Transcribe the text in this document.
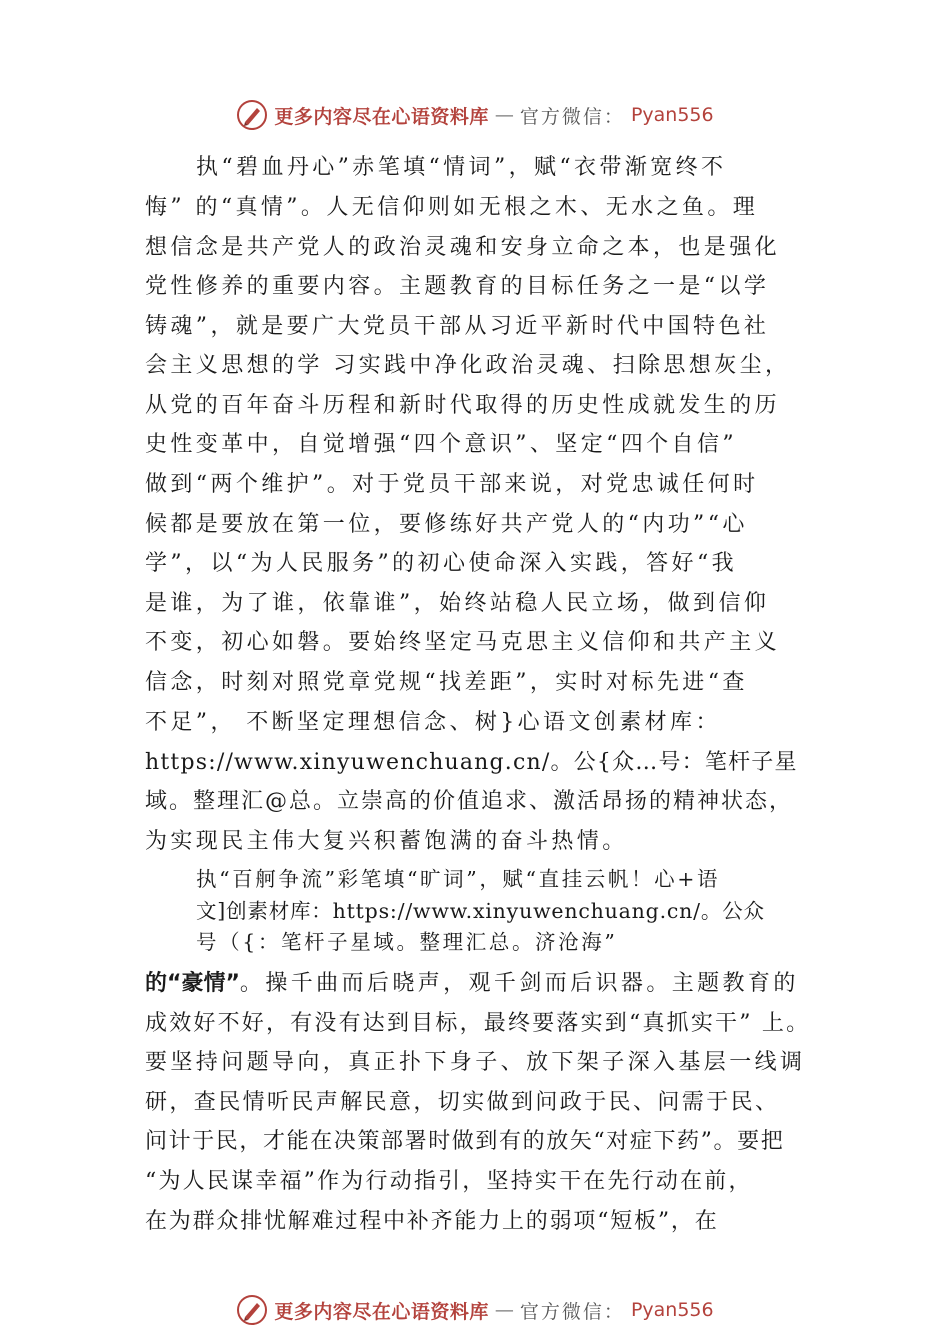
更多内容尽在心语资料库 — 官方微信： Pyan556
执“碧血丹心”赤笔填“情词”，赋“衣带渐宽终不
悔” 的“真情”。人无信仰则如无根之木、无水之鱼。理
想信念是共产党人的政治灵魂和安身立命之本，也是强化
党性修养的重要内容。主题教育的目标任务之一是“以学
铸魂”，就是要广大党员干部从习近平新时代中国特色社
会主义思想的学 习实践中净化政治灵魂、扫除思想灰尘，
从党的百年奋斗历程和新时代取得的历史性成就发生的历
史性变革中，自觉增强“四个意识”、坚定“四个自信”
做到“两个维护”。对于党员干部来说，对党忠诚任何时
候都是要放在第一位，要修练好共产党人的“内功”“心
学”，以“为人民服务”的初心使命深入实践，答好“我
是谁，为了谁，依靠谁”，始终站稳人民立场，做到信仰
不变，初心如磐。要始终坚定马克思主义信仰和共产主义
信念，时刻对照党章党规“找差距”，实时对标先进“查
不足”， 不断坚定理想信念、树}心语文创素材库：
https://www.xinyuwenchuang.cn/。公{众…号：笔杆子星
域。整理汇@总。立崇高的价值追求、激活昂扬的精神状态，
为实现民主伟大复兴积蓄饱满的奋斗热情。
执“百舸争流”彩笔填“旷词”，赋“直挂云帆！心+语
文]创素材库：https://www.xinyuwenchuang.cn/。公众
号（{：笔杆子星域。整理汇总。济沧海”
的“豪情”。操千曲而后晓声，观千剑而后识器。主题教育的
成效好不好，有没有达到目标，最终要落实到“真抓实干” 上。
要坚持问题导向，真正扑下身子、放下架子深入基层一线调
研，查民情听民声解民意，切实做到问政于民、问需于民、
问计于民，才能在决策部署时做到有的放矢“对症下药”。要把
“为人民谋幸福”作为行动指引，坚持实干在先行动在前，
在为群众排忧解难过程中补齐能力上的弱项“短板”，在
更多内容尽在心语资料库 — 官方微信： Pyan556
